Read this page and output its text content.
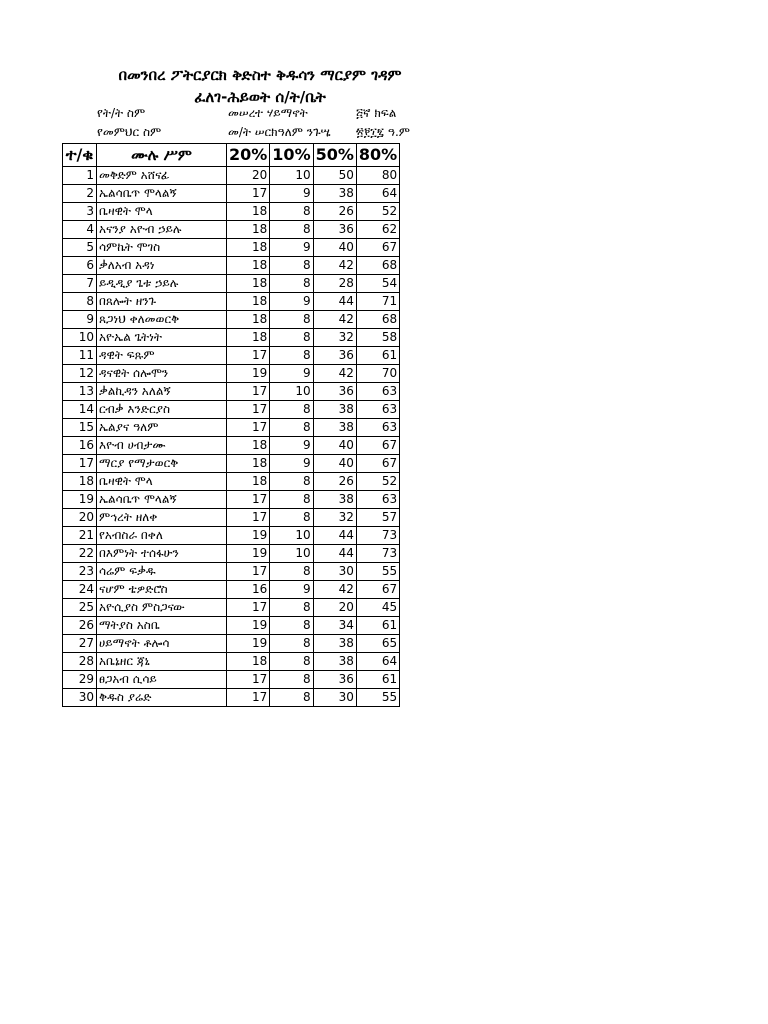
በመንበረ ፖትርያርክ ቅድስተ ቅዱሳን ማርያም ገዳም
ፈለገ-ሕይወት ሰ/ት/ቤት
የት/ት ስም	መሠረተ ሃይማኖት	፭ኛ ክፍል
የመምህር ስም	መ/ት ሠርክዓለም ንጉሤ ፳፻፲፯ ዓ.ም
ተ/ቁ	ሙሉ ሥም	20%	10%	50%	80%
1	መቅድም አሸናፊ	20	10	50	80
2	ኤልሳቤጥ ሞላልኝ	17	9	38	64
3	ቤዛዊት ሞላ	18	8	26	52
4	አናንያ አዮብ ኃይሉ	18	8	36	62
5	ሳምኬት ሞገስ	18	9	40	67
6	ቃለአብ አዳነ	18	8	42	68
7	ይዲዲያ ጌቱ ኃይሉ	18	8	28	54
8	በጸሎት ዘንጉ	18	9	44	71
9	ጸጋነህ ቀለመወርቅ	18	8	42	68
10	አዮኤል ጌትነት	18	8	32	58
11	ዳዊት ፍጹም	17	8	36	61
12	ዳናዊት ሰሎሞን	19	9	42	70
13	ቃልኪዳን አለልኝ	17	10	36	63
14	ርብቃ እንድርያስ	17	8	38	63
15	ኤልያና ዓለም	17	8	38	63
16	እዮብ ሀብታሙ	18	9	40	67
17	ማርያ የማታወርቅ	18	9	40	67
18	ቤዛዊት ሞላ	18	8	26	52
19	ኤልሳቤጥ ሞላልኝ	17	8	38	63
20	ምኅረት ዘለቀ	17	8	32	57
21	የአብስራ በቀለ	19	10	44	73
22	በእምነት ተሰፋሁን	19	10	44	73
23	ሳሬም ፍቃዱ	17	8	30	55
24	ናሆም ቴዎድሮስ	16	9	42	67
25	አዮሲያስ ምስጋናው	17	8	20	45
26	ማትያስ አስቤ	19	8	34	61
27	ሀይማኖት ቶሎሳ	19	8	38	65
28	አቤኔዘር ጃኒ	18	8	38	64
29	ፀጋአብ ሲሳይ	17	8	36	61
30	ቅዱስ ያሬድ	17	8	30	55
